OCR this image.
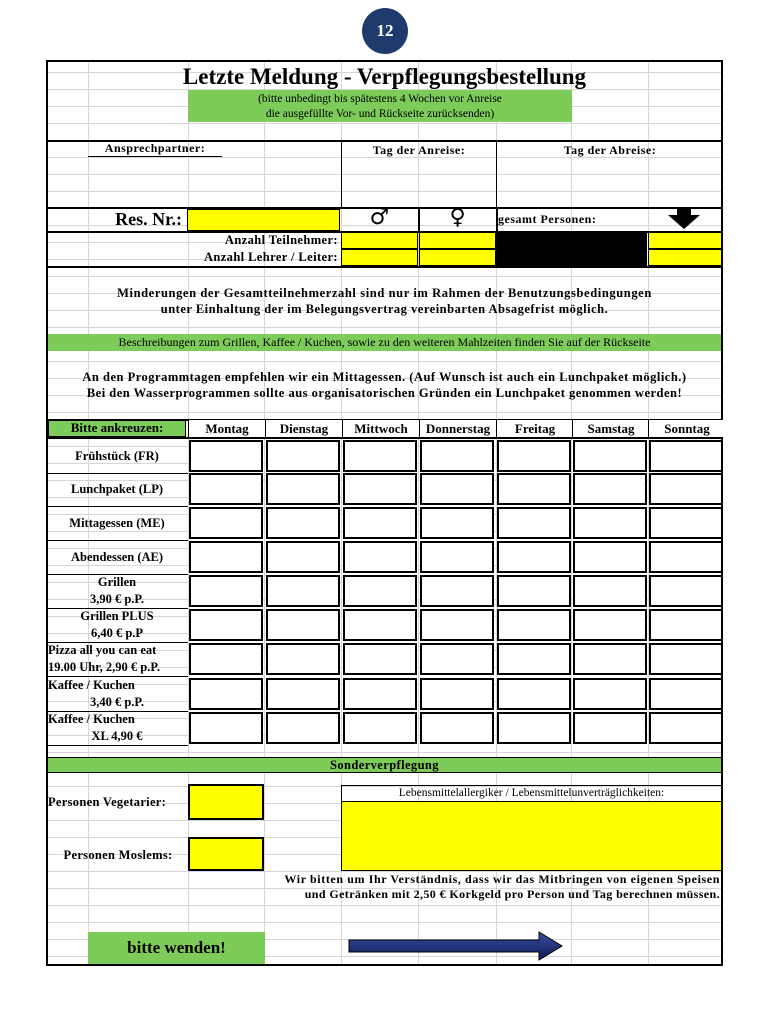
12
Letzte Meldung - Verpflegungsbestellung
(bitte unbedingt bis spätestens 4 Wochen vor Anreise
die ausgefüllte Vor- und Rückseite zurücksenden)
Ansprechpartner:	Tag der Anreise:	Tag der Abreise:
Res. Nr.:	♂	♀	gesamt Personen:
Anzahl Teilnehmer:
Anzahl Lehrer / Leiter:
Minderungen der Gesamtteilnehmerzahl sind nur im Rahmen der Benutzungsbedingungen
unter Einhaltung der im Belegungsvertrag vereinbarten Absagefrist möglich.
Beschreibungen zum Grillen, Kaffee / Kuchen, sowie zu den weiteren Mahlzeiten finden Sie auf der Rückseite
An den Programmtagen empfehlen wir ein Mittagessen. (Auf Wunsch ist auch ein Lunchpaket möglich.)
Bei den Wasserprogrammen sollte aus organisatorischen Gründen ein Lunchpaket genommen werden!
Bitte ankreuzen:	Montag	Dienstag	Mittwoch	Donnerstag	Freitag	Samstag	Sonntag
Frühstück (FR)
Lunchpaket (LP)
Mittagessen (ME)
Abendessen (AE)
Grillen
3,90 € p.P.
Grillen PLUS
6,40 € p.P
Pizza all you can eat
19.00 Uhr, 2,90 € p.P.
Kaffee / Kuchen
3,40 € p.P.
Kaffee / Kuchen
XL 4,90 €
Sonderverpflegung
Personen Vegetarier:
Personen Moslems:
Lebensmittelallergiker / Lebensmittelunverträglichkeiten:
Wir bitten um Ihr Verständnis, dass wir das Mitbringen von eigenen Speisen
und Getränken mit 2,50 € Korkgeld pro Person und Tag berechnen müssen.
bitte wenden!
